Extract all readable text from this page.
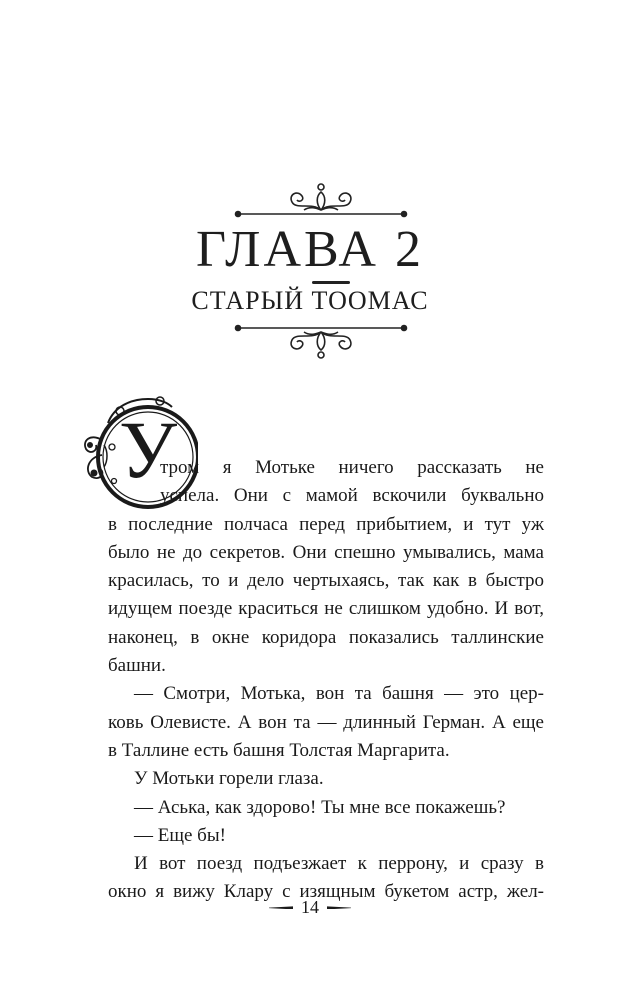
ГЛАВА 2
СТАРЫЙ ТООМАС
У
тром я Мотьке ничего рассказать не
успела. Они с мамой вскочили буквально
в последние полчаса перед прибытием, и тут уж
было не до секретов. Они спешно умывались, мама
красилась, то и дело чертыхаясь, так как в быстро
идущем поезде краситься не слишком удобно. И вот,
наконец, в окне коридора показались таллинские
башни.
— Смотри, Мотька, вон та башня — это цер-
ковь Олевисте. А вон та — длинный Герман. А еще
в Таллине есть башня Толстая Маргарита.
У Мотьки горели глаза.
— Аська, как здорово! Ты мне все покажешь?
— Еще бы!
И вот поезд подъезжает к перрону, и сразу в
окно я вижу Клару с изящным букетом астр, жел-
14
